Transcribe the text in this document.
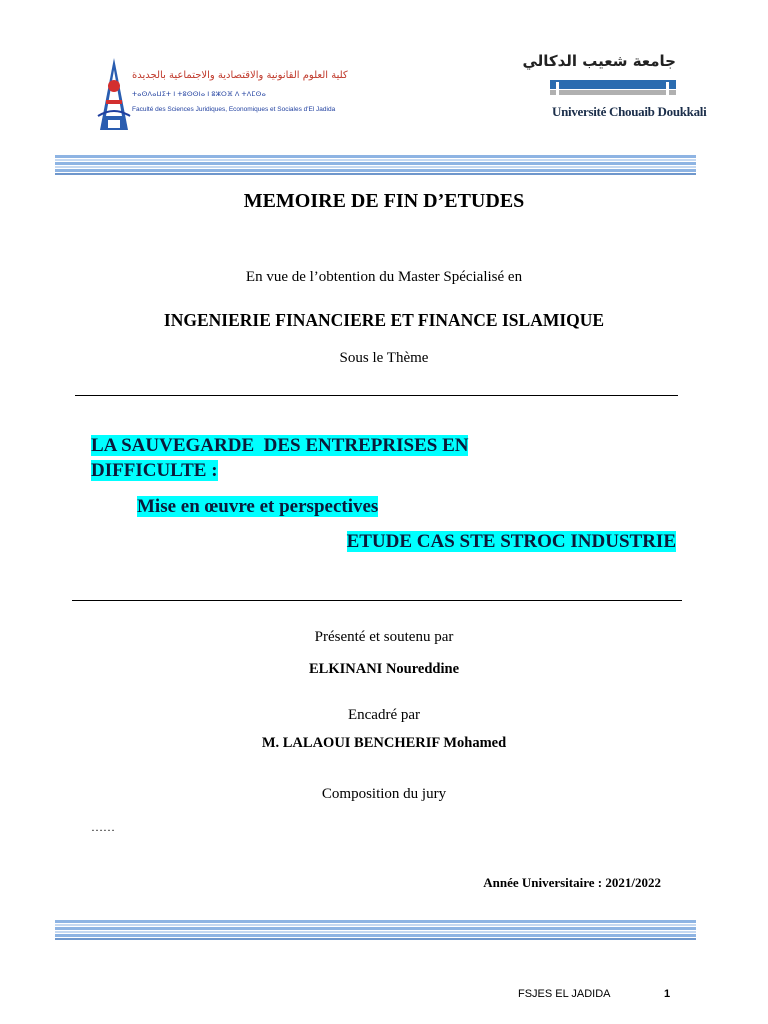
كلية العلوم القانونية والاقتصادية والاجتماعية بالجديدة
ⵜⴰⵙⴷⴰⵡⵉⵜ ⵏ ⵜⵓⵙⵙⵏⴰ ⵏ ⵓⵣⵔⴼ ⴷ ⵜⴷⵎⵙⴰ
Faculté des Sciences Juridiques, Economiques et Sociales d'El Jadida
جامعة شعيب الدكالي
Université Chouaib Doukkali
MEMOIRE DE FIN D’ETUDES
En vue de l’obtention du Master Spécialisé en
INGENIERIE FINANCIERE ET FINANCE ISLAMIQUE
Sous le Thème
LA SAUVEGARDE  DES ENTREPRISES EN
DIFFICULTE :
Mise en œuvre et perspectives
ETUDE CAS STE STROC INDUSTRIE
Présenté et soutenu par
ELKINANI Noureddine
Encadré par
M. LALAOUI BENCHERIF Mohamed
Composition du jury
……
Année Universitaire : 2021/2022
FSJES EL JADIDA	1
